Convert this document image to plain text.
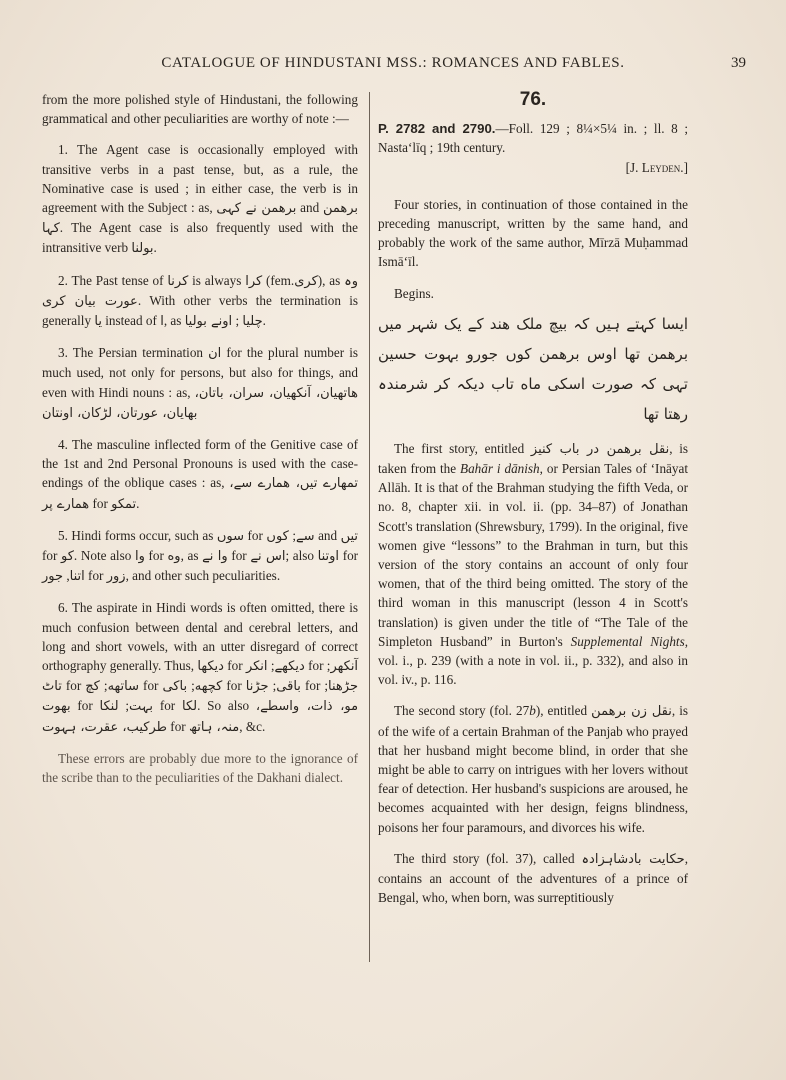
CATALOGUE OF HINDUSTANI MSS.: ROMANCES AND FABLES.	39

from the more polished style of Hindustani, the following grammatical and other peculiarities are worthy of note :—

1. The Agent case is occasionally employed with transitive verbs in a past tense, but, as a rule, the Nominative case is used ; in either case, the verb is in agreement with the Subject : as, برهمن نے کہی and برهمن کہا. The Agent case is also frequently used with the intransitive verb بولنا.

2. The Past tense of کرنا is always کرا (fem.کری), as وہ عورت بیان کری. With other verbs the termination is generally یا instead of ا, as	چلیا ; اونے بولیا .

3. The Persian termination ان for the plural number is much used, not only for persons, but also for things, and even with Hindi nouns : as, هاتهیان، آنکهیان، سران، باتان، بهایان، عورتان، لڑکان، اونتان

4. The masculine inflected form of the Genitive case of the 1st and 2nd Personal Pronouns is used with the case-endings of the oblique cases : as, تمهارے تیں، همارے سے، همارے پر for تمکو.

5. Hindi forms occur, such as سوں for	سے; کوں and تیں for کو. Note also وا for وه, as وا نے for اس نے; also اوتنا for اتنا, جور for زور, and other such peculiarities.

6. The aspirate in Hindi words is often omitted, there is much confusion between dental and cerebral letters, and long and short vowels, with an utter disregard of correct orthography generally. Thus, دیکها for دیکهے; انکر	for آنکهر; تاٹ for ساتهه; کچ	for	کچهه; باکی	for	باقی; جڑنا	for جڑهنا; بهوت for	بہت; لنکا	for لکا. So also مو، ذات، واسطے، طرکیب، عقرت، ہہوت for منہ، ہاتھ, &c.

These errors are probably due more to the ignorance of the scribe than to the peculiarities of the Dakhani dialect.

76.

P. 2782 and 2790.—Foll. 129 ; 8¼×5¼ in. ; ll. 8 ; Nastaʻlīq ; 19th century.

[J. Leyden.]

Four stories, in continuation of those contained in the preceding manuscript, written by the same hand, and probably the work of the same author, Mīrzā Muḥammad Ismāʻīl.

Begins.

ایسا کہتے ہیں کہ بیچ ملک هند کے یک شہر میں برهمن تها اوس برهمن کوں جورو بہوت حسین تہی کہ صورت اسکی ماه تاب دیکہ کر شرمندہ رهتا تها

The first story, entitled نقل برهمن در باب کنیز, is taken from the Bahār i dānish, or Persian Tales of ʻInāyat Allāh. It is that of the Brahman studying the fifth Veda, or no. 8, chapter xii. in vol. ii. (pp. 34–87) of Jonathan Scott's translation (Shrewsbury, 1799). In the original, five women give “lessons” to the Brahman in turn, but this version of the story contains an account of only four women, that of the third being omitted. The story of the third woman in this manuscript (lesson 4 in Scott's translation) is given under the title of “The Tale of the Simpleton Husband” in Burton's Supplemental Nights, vol. i., p. 239 (with a note in vol. ii., p. 332), and also in vol. iv., p. 116.

The second story (fol. 27b), entitled نقل زن برهمن, is of the wife of a certain Brahman of the Panjab who prayed that her husband might become blind, in order that she might be able to carry on intrigues with her lovers without fear of detection. Her husband's suspicions are aroused, he becomes acquainted with her design, feigns blindness, poisons her four paramours, and divorces his wife.

The third story (fol. 37), called حکایت بادشاہزادہ, contains an account of the adventures of a prince of Bengal, who, when born, was surreptitiously
